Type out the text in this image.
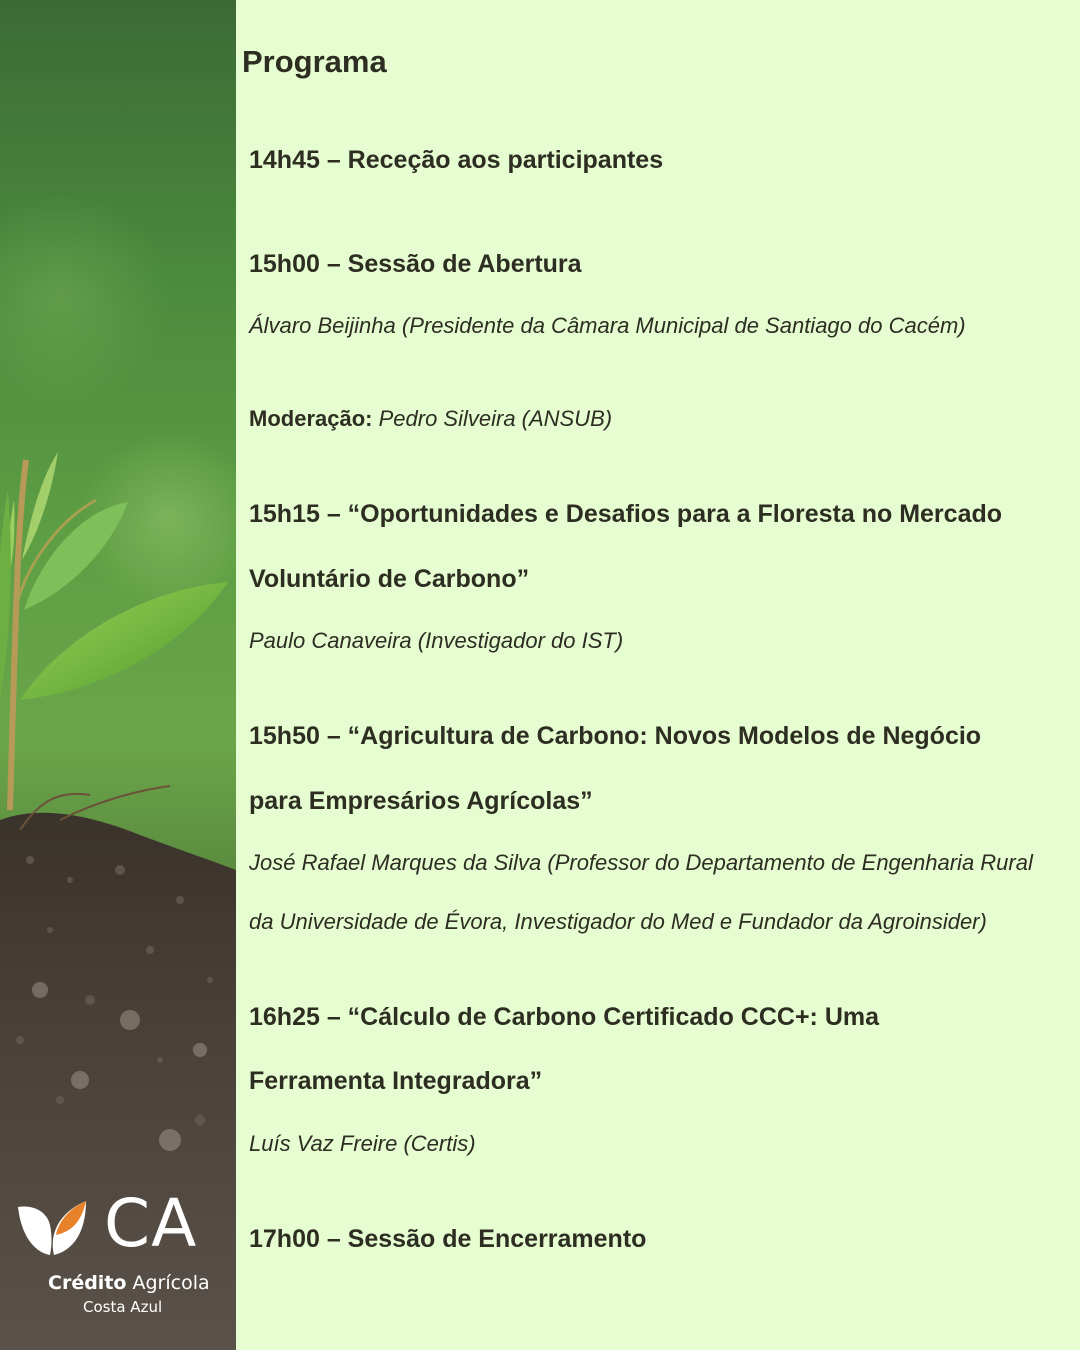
CA
Crédito Agrícola
Costa Azul
Programa
14h45 – Receção aos participantes
15h00 – Sessão de Abertura
Álvaro Beijinha (Presidente da Câmara Municipal de Santiago do Cacém)
Moderação: Pedro Silveira (ANSUB)
15h15 – “Oportunidades e Desafios para a Floresta no Mercado
Voluntário de Carbono”
Paulo Canaveira (Investigador do IST)
15h50 – “Agricultura de Carbono: Novos Modelos de Negócio
para Empresários Agrícolas”
José Rafael Marques da Silva (Professor do Departamento de Engenharia Rural
da Universidade de Évora, Investigador do Med e Fundador da Agroinsider)
16h25 – “Cálculo de Carbono Certificado CCC+: Uma
Ferramenta Integradora”
Luís Vaz Freire (Certis)
17h00 – Sessão de Encerramento
